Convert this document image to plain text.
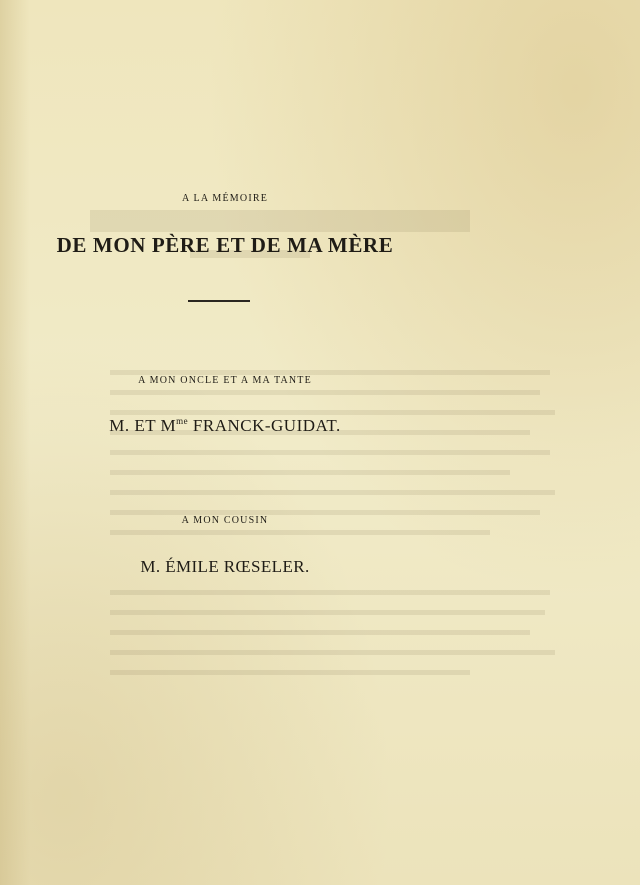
A LA MÉMOIRE
DE MON PÈRE ET DE MA MÈRE
A MON ONCLE ET A MA TANTE
M. ET $M^{me}$ FRANCK-GUIDAT.
A MON COUSIN
M. ÉMILE RŒSELER.
